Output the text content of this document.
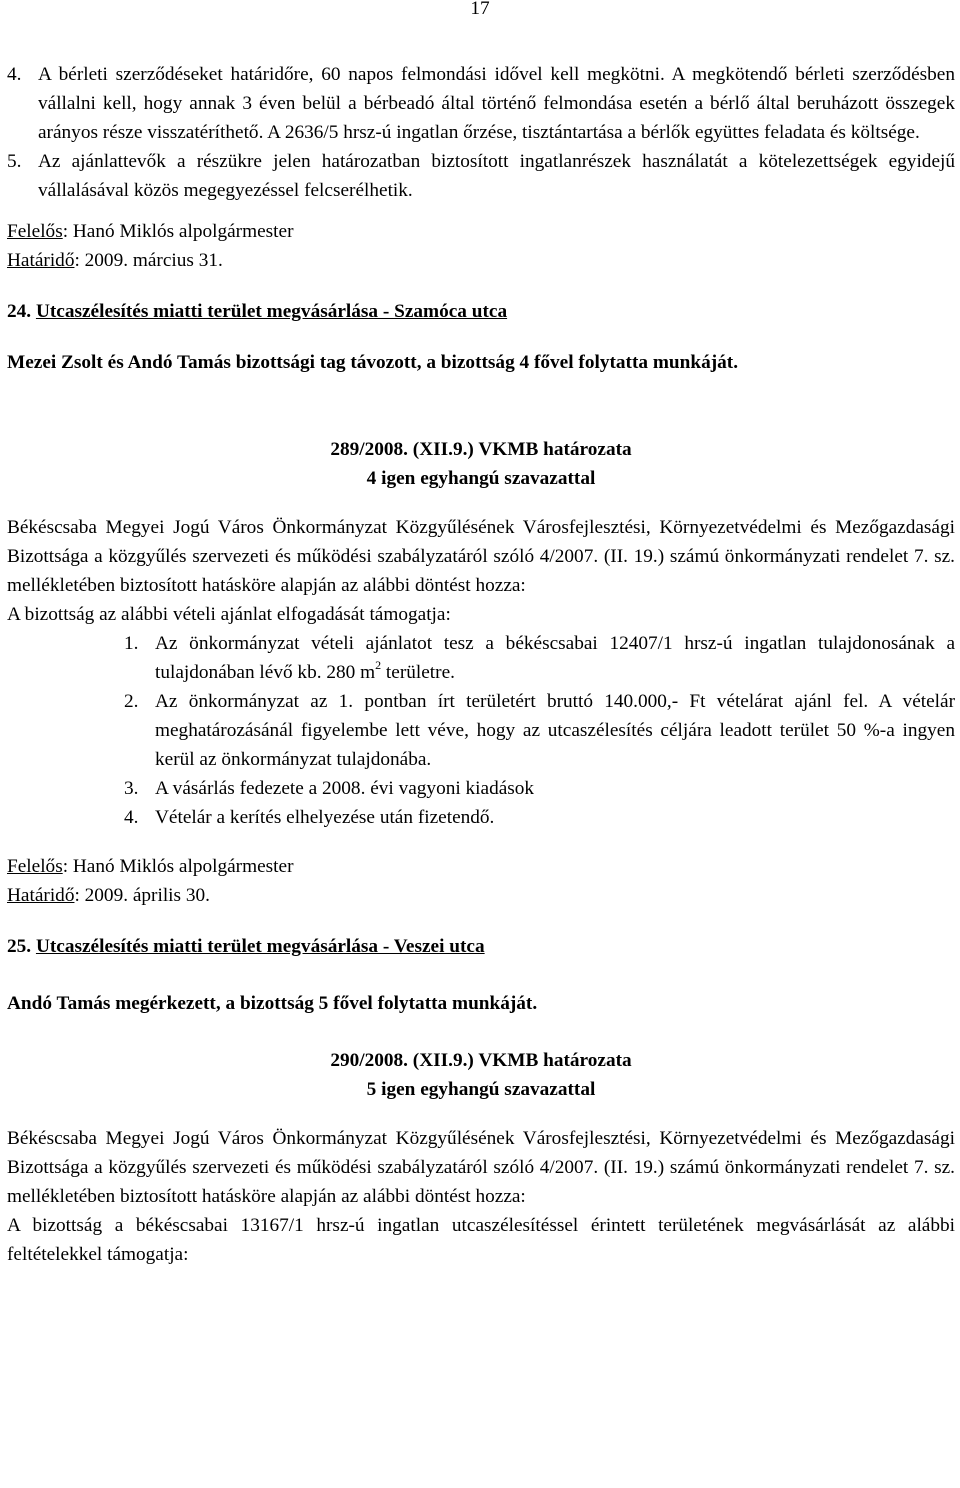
17
4. A bérleti szerződéseket határidőre, 60 napos felmondási idővel kell megkötni. A megkötendő bérleti szerződésben vállalni kell, hogy annak 3 éven belül a bérbeadó által történő felmondása esetén a bérlő által beruházott összegek arányos része visszatéríthető. A 2636/5 hrsz-ú ingatlan őrzése, tisztántartása a bérlők együttes feladata és költsége.
5. Az ajánlattevők a részükre jelen határozatban biztosított ingatlanrészek használatát a kötelezettségek egyidejű vállalásával közös megegyezéssel felcserélhetik.
Felelős: Hanó Miklós alpolgármester
Határidő: 2009. március 31.
24. Utcaszélesítés miatti terület megvásárlása - Szamóca utca
Mezei Zsolt és Andó Tamás bizottsági tag távozott, a bizottság 4 fővel folytatta munkáját.
289/2008. (XII.9.) VKMB határozata
4 igen egyhangú szavazattal
Békéscsaba Megyei Jogú Város Önkormányzat Közgyűlésének Városfejlesztési, Környezetvédelmi és Mezőgazdasági Bizottsága a közgyűlés szervezeti és működési szabályzatáról szóló 4/2007. (II. 19.) számú önkormányzati rendelet 7. sz. mellékletében biztosított hatásköre alapján az alábbi döntést hozza:
A bizottság az alábbi vételi ajánlat elfogadását támogatja:
1. Az önkormányzat vételi ajánlatot tesz a békéscsabai 12407/1 hrsz-ú ingatlan tulajdonosának a tulajdonában lévő kb. 280 $m^2$ területre.
2. Az önkormányzat az 1. pontban írt területért bruttó 140.000,- Ft vételárat ajánl fel. A vételár meghatározásánál figyelembe lett véve, hogy az utcaszélesítés céljára leadott terület 50 %-a ingyen kerül az önkormányzat tulajdonába.
3. A vásárlás fedezete a 2008. évi vagyoni kiadások
4. Vételár a kerítés elhelyezése után fizetendő.
Felelős: Hanó Miklós alpolgármester
Határidő: 2009. április 30.
25. Utcaszélesítés miatti terület megvásárlása - Veszei utca
Andó Tamás megérkezett, a bizottság 5 fővel folytatta munkáját.
290/2008. (XII.9.) VKMB határozata
5 igen egyhangú szavazattal
Békéscsaba Megyei Jogú Város Önkormányzat Közgyűlésének Városfejlesztési, Környezetvédelmi és Mezőgazdasági Bizottsága a közgyűlés szervezeti és működési szabályzatáról szóló 4/2007. (II. 19.) számú önkormányzati rendelet 7. sz. mellékletében biztosított hatásköre alapján az alábbi döntést hozza:
A bizottság a békéscsabai 13167/1 hrsz-ú ingatlan utcaszélesítéssel érintett területének megvásárlását az alábbi feltételekkel támogatja:
